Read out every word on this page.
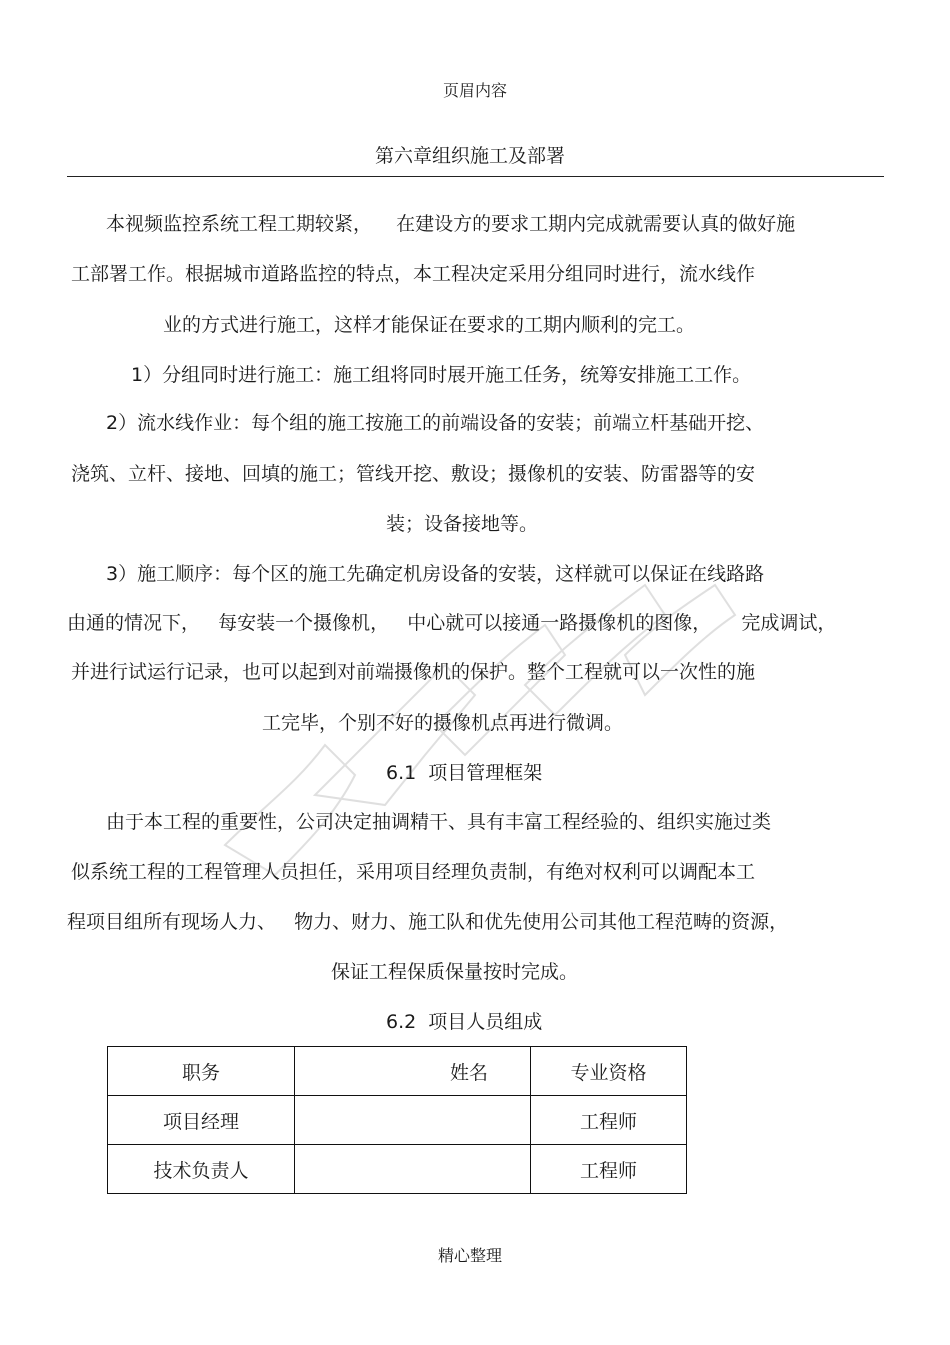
页眉内容
第六章组织施工及部署
本视频监控系统工程工期较紧，    在建设方的要求工期内完成就需要认真的做好施
工部署工作。根据城市道路监控的特点，本工程决定采用分组同时进行，流水线作
业的方式进行施工，这样才能保证在要求的工期内顺利的完工。
1）分组同时进行施工：施工组将同时展开施工任务，统筹安排施工工作。
2）流水线作业：每个组的施工按施工的前端设备的安装；前端立杆基础开挖、
浇筑、立杆、接地、回填的施工；管线开挖、敷设；摄像机的安装、防雷器等的安
装；设备接地等。
3）施工顺序：每个区的施工先确定机房设备的安装，这样就可以保证在线路路
由通的情况下，   每安装一个摄像机，   中心就可以接通一路摄像机的图像，     完成调试，
并进行试运行记录，也可以起到对前端摄像机的保护。整个工程就可以一次性的施
工完毕，个别不好的摄像机点再进行微调。
6.1  项目管理框架
由于本工程的重要性，公司决定抽调精干、具有丰富工程经验的、组织实施过类
似系统工程的工程管理人员担任，采用项目经理负责制，有绝对权利可以调配本工
程项目组所有现场人力、   物力、财力、施工队和优先使用公司其他工程范畴的资源，
保证工程保质保量按时完成。
6.2  项目人员组成
职务	姓名	专业资格
项目经理		工程师
技术负责人		工程师
精心整理
